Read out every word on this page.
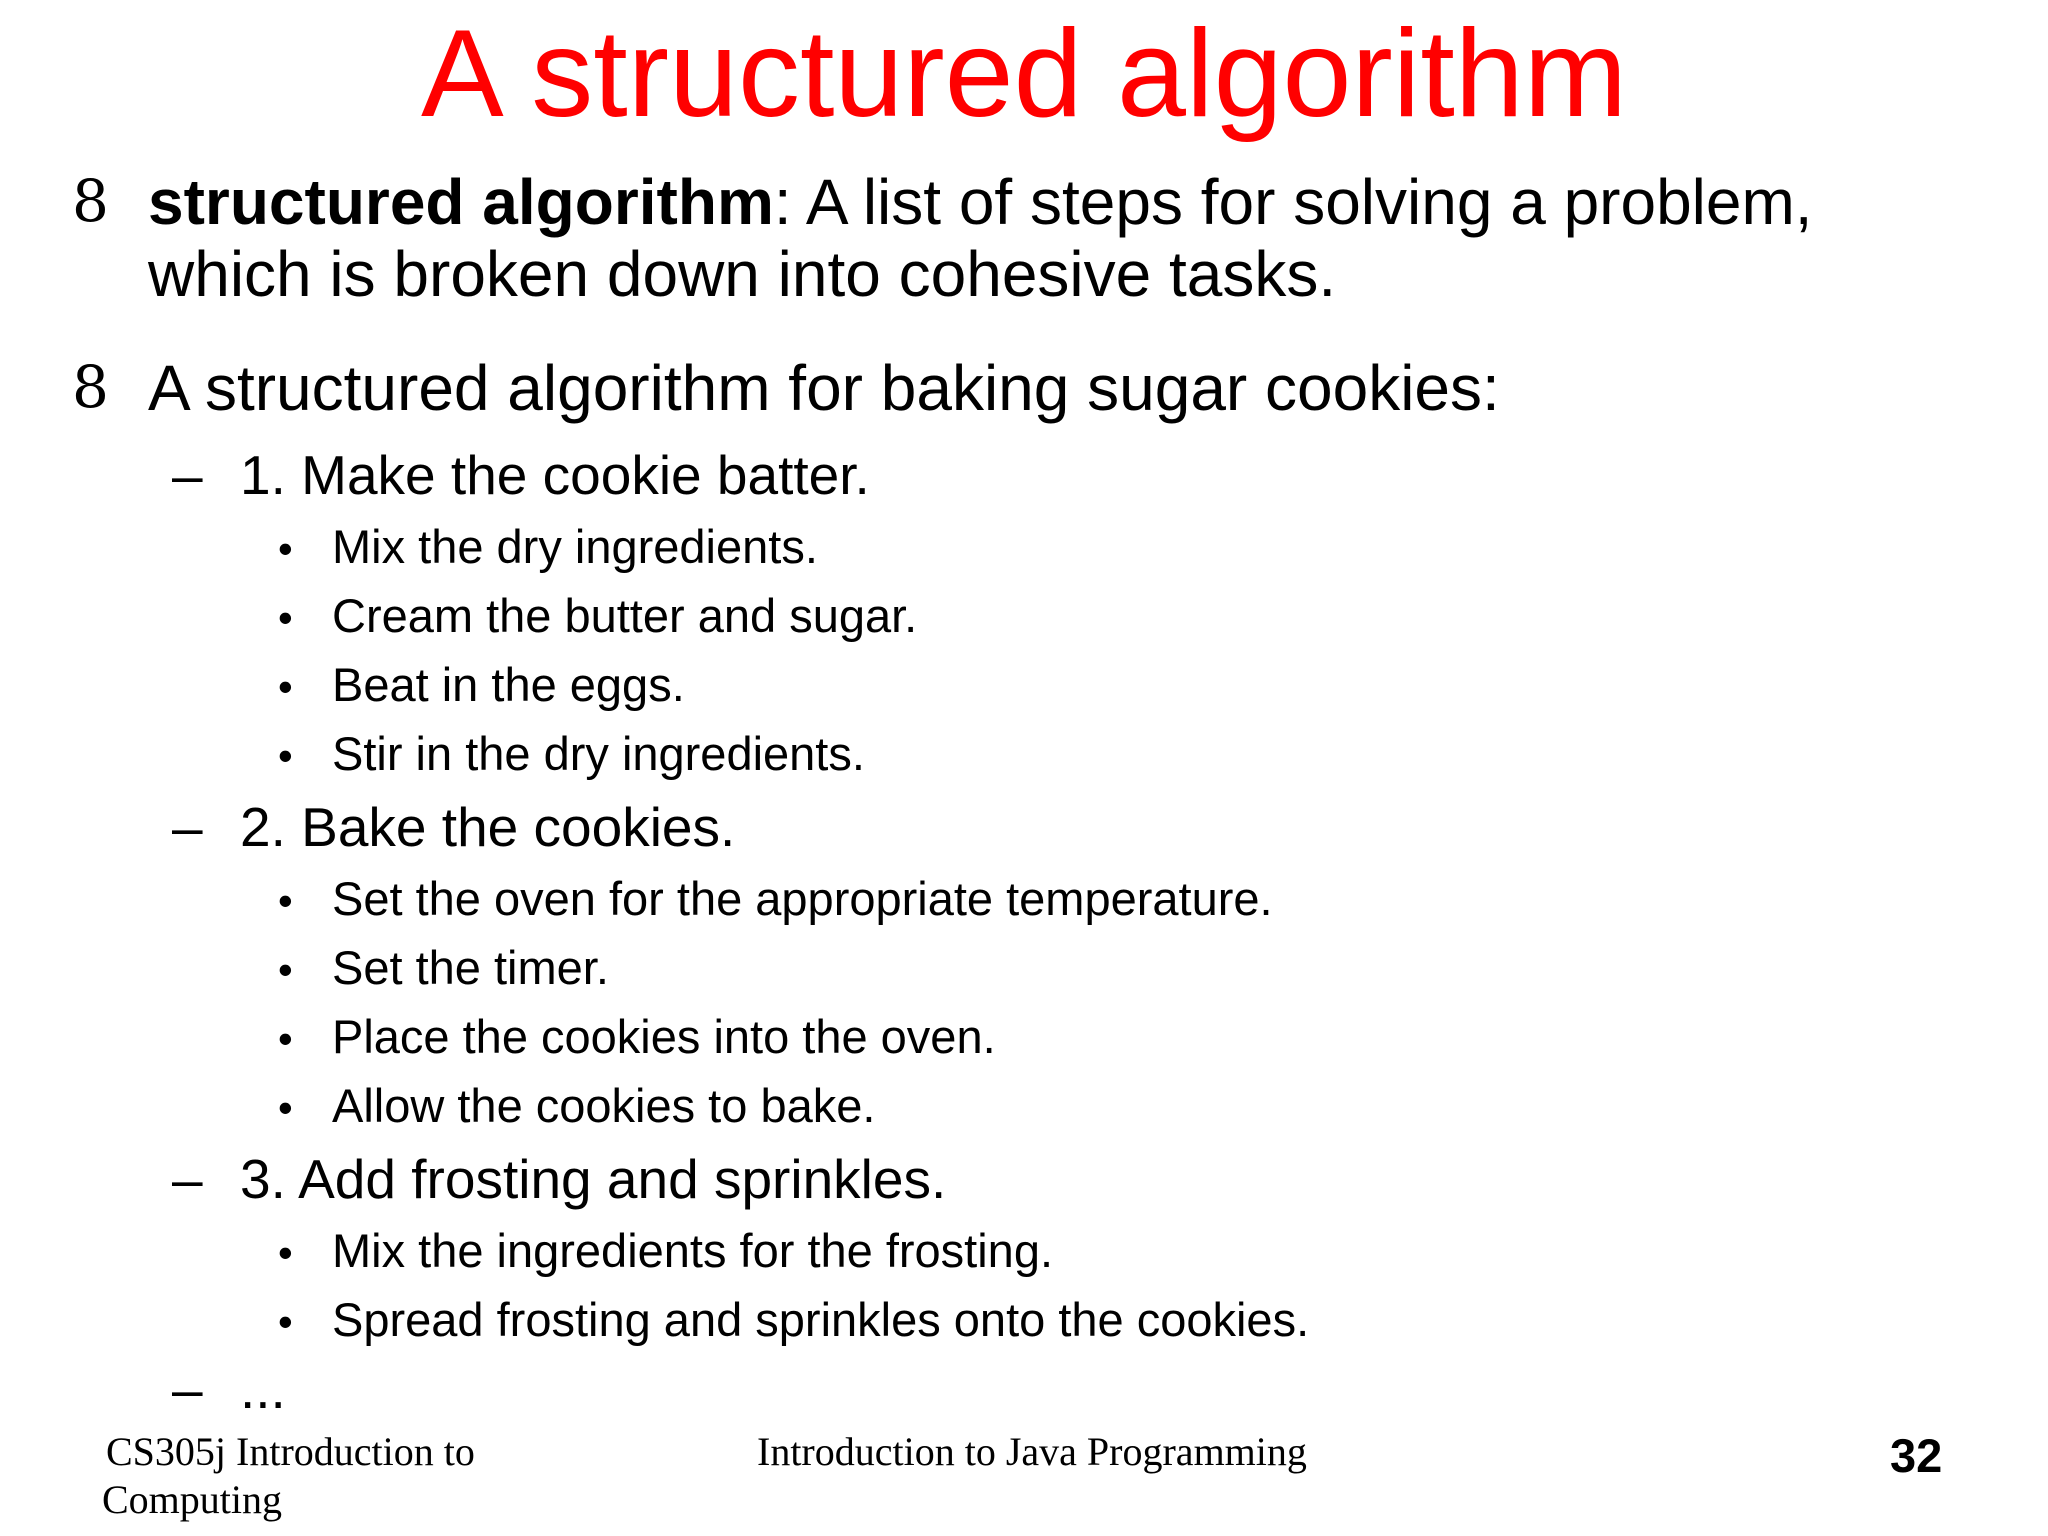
A structured algorithm
8 structured algorithm: A list of steps for solving a problem,
which is broken down into cohesive tasks.
8 A structured algorithm for baking sugar cookies:
– 1. Make the cookie batter.
• Mix the dry ingredients.
• Cream the butter and sugar.
• Beat in the eggs.
• Stir in the dry ingredients.
– 2. Bake the cookies.
• Set the oven for the appropriate temperature.
• Set the timer.
• Place the cookies into the oven.
• Allow the cookies to bake.
– 3. Add frosting and sprinkles.
• Mix the ingredients for the frosting.
• Spread frosting and sprinkles onto the cookies.
– ...
CS305j Introduction to
Computing
Introduction to Java Programming	32
